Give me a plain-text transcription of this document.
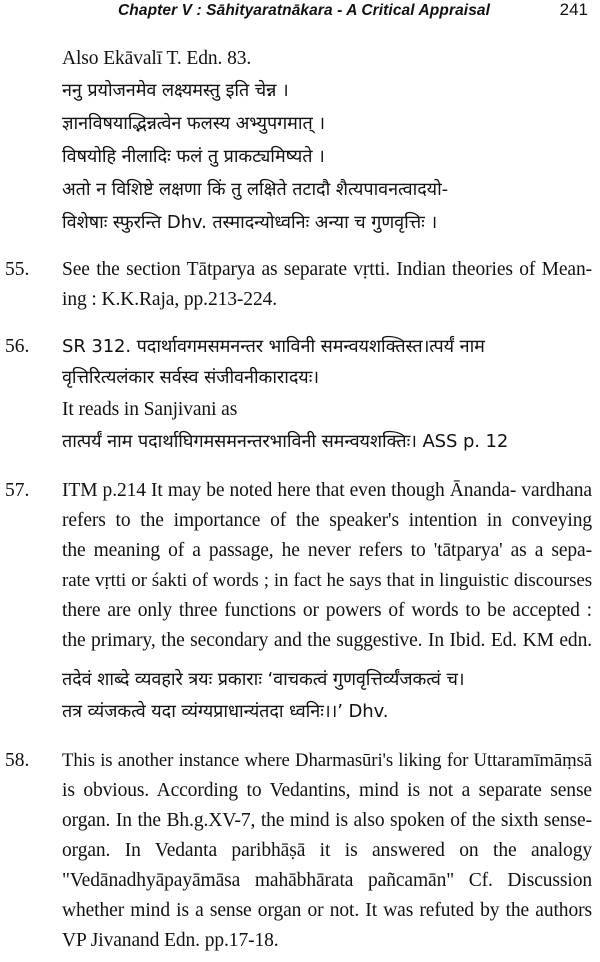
Chapter V : Sāhityaratnākara - A Critical Appraisal	241
Also Ekāvalī T. Edn. 83.
ननु प्रयोजनमेव लक्ष्यमस्तु इति चेन्न ।
ज्ञानविषयाद्भिन्नत्वेन फलस्य अभ्युपगमात् ।
विषयोहि नीलादिः फलं तु प्राकट्यमिष्यते ।
अतो न विशिष्टे लक्षणा किं तु लक्षिते तटादौ शैत्यपावनत्वादयो-
विशेषाः स्फुरन्ति Dhv. तस्मादन्योध्वनिः अन्या च गुणवृत्तिः ।
55.	See the section Tātparya as separate vṛtti. Indian theories of Mean-
ing : K.K.Raja, pp.213-224.
56.	SR 312. पदार्थावगमसमनन्तर भाविनी समन्वयशक्तिस्त।त्पर्यं नाम
वृत्तिरित्यलंकार सर्वस्व संजीवनीकारादयः।
It reads in Sanjivani as
तात्पर्यं नाम पदार्थाघिगमसमनन्तरभाविनी समन्वयशक्तिः। ASS p. 12
57.	ITM p.214 It may be noted here that even though Ānanda- vardhana
refers to the importance of the speaker's intention in conveying
the meaning of a passage, he never refers to 'tātparya' as a sepa-
rate vṛtti or śakti of words ; in fact he says that in linguistic discourses
there are only three functions or powers of words to be accepted :
the primary, the secondary and the suggestive. In Ibid. Ed. KM edn.
तदेवं शाब्दे व्यवहारे त्रयः प्रकाराः ‘वाचकत्वं गुणवृत्तिर्व्यंजकत्वं च।
तत्र व्यंजकत्वे यदा व्यंग्यप्राधान्यंतदा ध्वनिः।।’ Dhv.
58.	This is another instance where Dharmasūri's liking for Uttaramīmāṃsā
is obvious. According to Vedantins, mind is not a separate sense
organ. In the Bh.g.XV-7, the mind is also spoken of the sixth sense-
organ. In Vedanta paribhāṣā it is answered on the analogy
"Vedānadhyāpayāmāsa mahābhārata pañcamān" Cf. Discussion
whether mind is a sense organ or not. It was refuted by the authors
VP Jivanand Edn. pp.17-18.
